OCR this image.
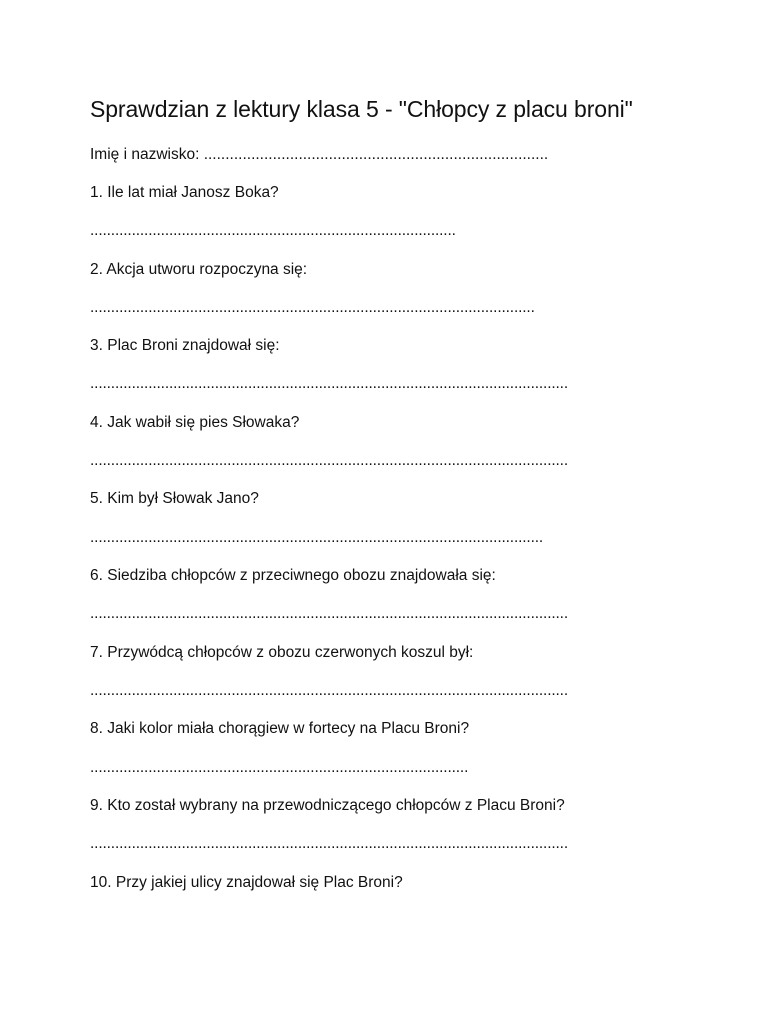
Sprawdzian z lektury klasa 5 - "Chłopcy z placu broni"
Imię i nazwisko: ................................................................................
1. Ile lat miał Janosz Boka?
........................................................................................
2. Akcja utworu rozpoczyna się:
...........................................................................................................
3. Plac Broni znajdował się:
...................................................................................................................
4. Jak wabił się pies Słowaka?
...................................................................................................................
5. Kim był Słowak Jano?
.............................................................................................................
6. Siedziba chłopców z przeciwnego obozu znajdowała się:
...................................................................................................................
7. Przywódcą chłopców z obozu czerwonych koszul był:
...................................................................................................................
8. Jaki kolor miała chorągiew w fortecy na Placu Broni?
...........................................................................................
9. Kto został wybrany na przewodniczącego chłopców z Placu Broni?
...................................................................................................................
10. Przy jakiej ulicy znajdował się Plac Broni?
